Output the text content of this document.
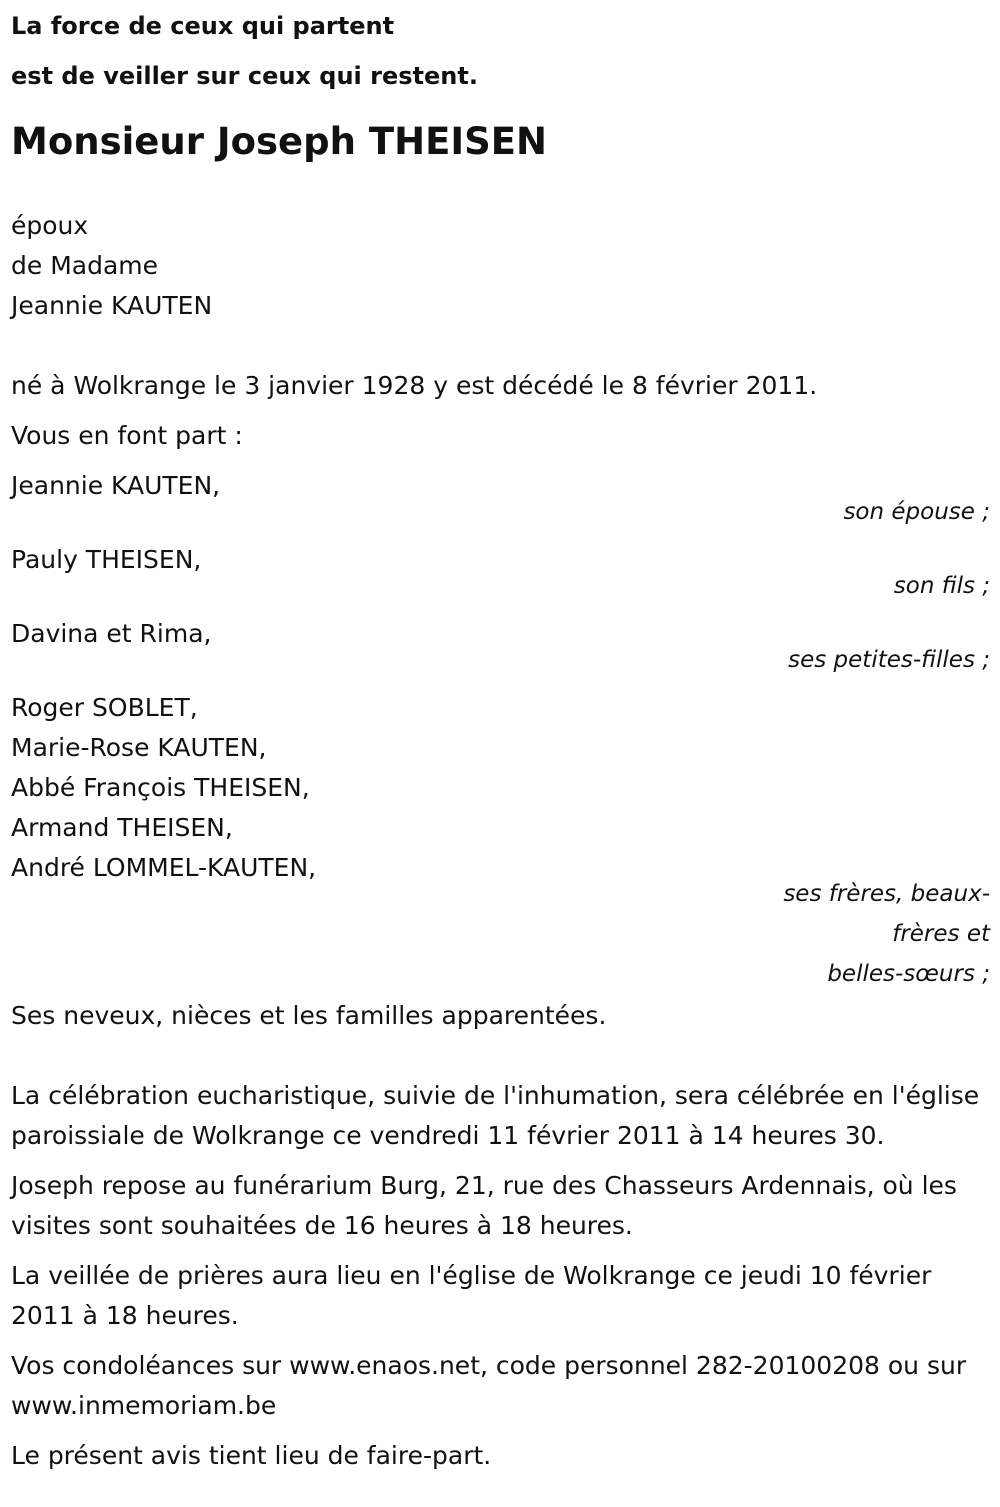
La force de ceux qui partent
est de veiller sur ceux qui restent.
Monsieur Joseph THEISEN
époux
de Madame
Jeannie KAUTEN
né à Wolkrange le 3 janvier 1928 y est décédé le 8 février 2011.
Vous en font part :
Jeannie KAUTEN,
son épouse ;
Pauly THEISEN,
son fils ;
Davina et Rima,
ses petites-filles ;
Roger SOBLET,
Marie-Rose KAUTEN,
Abbé François THEISEN,
Armand THEISEN,
André LOMMEL-KAUTEN,
ses frères, beaux-
frères et
belles-sœurs ;
Ses neveux, nièces et les familles apparentées.
La célébration eucharistique, suivie de l'inhumation, sera célébrée en l'église paroissiale de Wolkrange ce vendredi 11 février 2011 à 14 heures 30.
Joseph repose au funérarium Burg, 21, rue des Chasseurs Ardennais, où les visites sont souhaitées de 16 heures à 18 heures.
La veillée de prières aura lieu en l'église de Wolkrange ce jeudi 10 février 2011 à 18 heures.
Vos condoléances sur www.enaos.net, code personnel 282-20100208 ou sur www.inmemoriam.be
Le présent avis tient lieu de faire-part.
